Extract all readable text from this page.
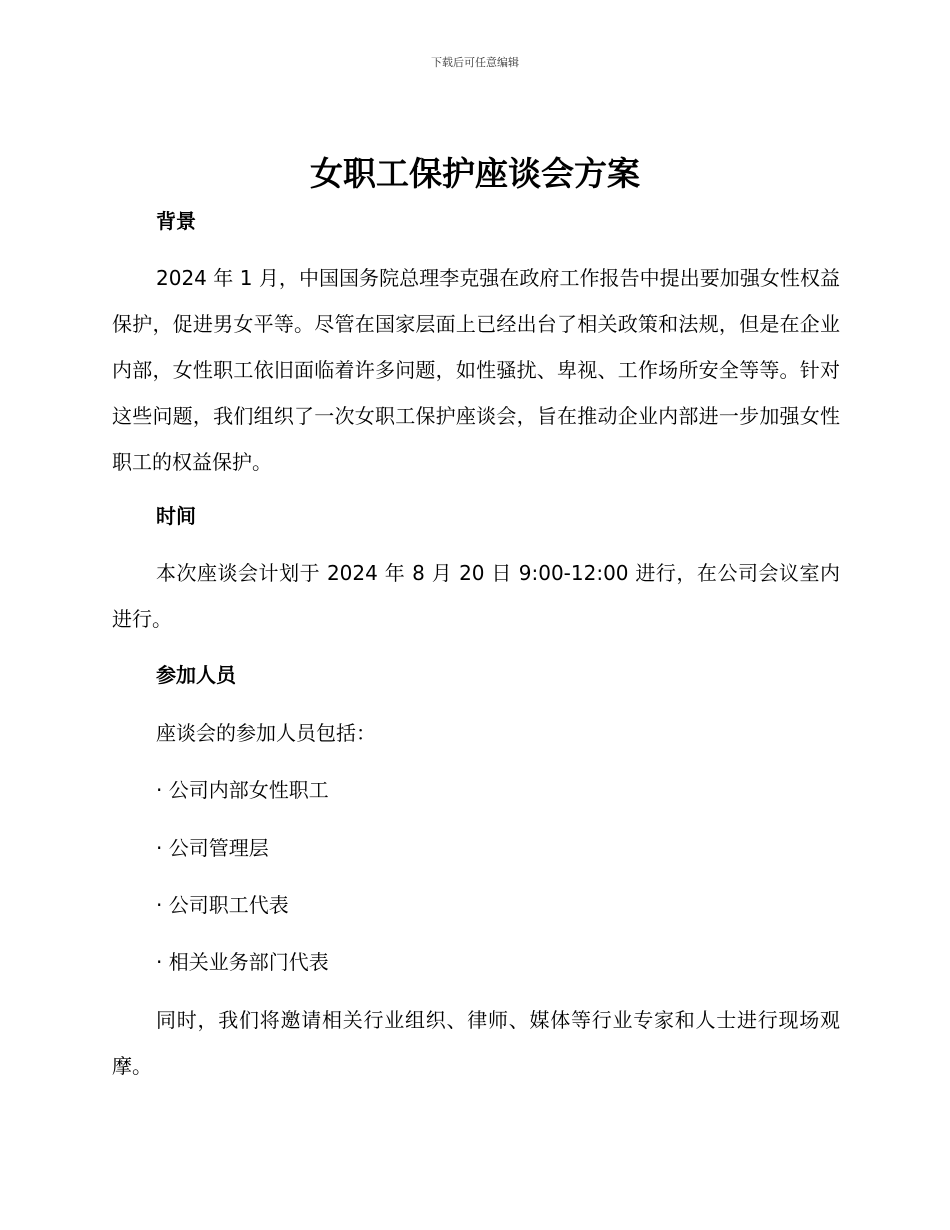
下载后可任意编辑
女职工保护座谈会方案
背景

2024 年 1 月，中国国务院总理李克强在政府工作报告中提出要加强女性权益保护，促进男女平等。尽管在国家层面上已经出台了相关政策和法规，但是在企业内部，女性职工依旧面临着许多问题，如性骚扰、卑视、工作场所安全等等。针对这些问题，我们组织了一次女职工保护座谈会，旨在推动企业内部进一步加强女性职工的权益保护。

时间

本次座谈会计划于 2024 年 8 月 20 日 9:00-12:00 进行，在公司会议室内进行。

参加人员
座谈会的参加人员包括：
· 公司内部女性职工
· 公司管理层
· 公司职工代表
· 相关业务部门代表

同时，我们将邀请相关行业组织、律师、媒体等行业专家和人士进行现场观摩。
